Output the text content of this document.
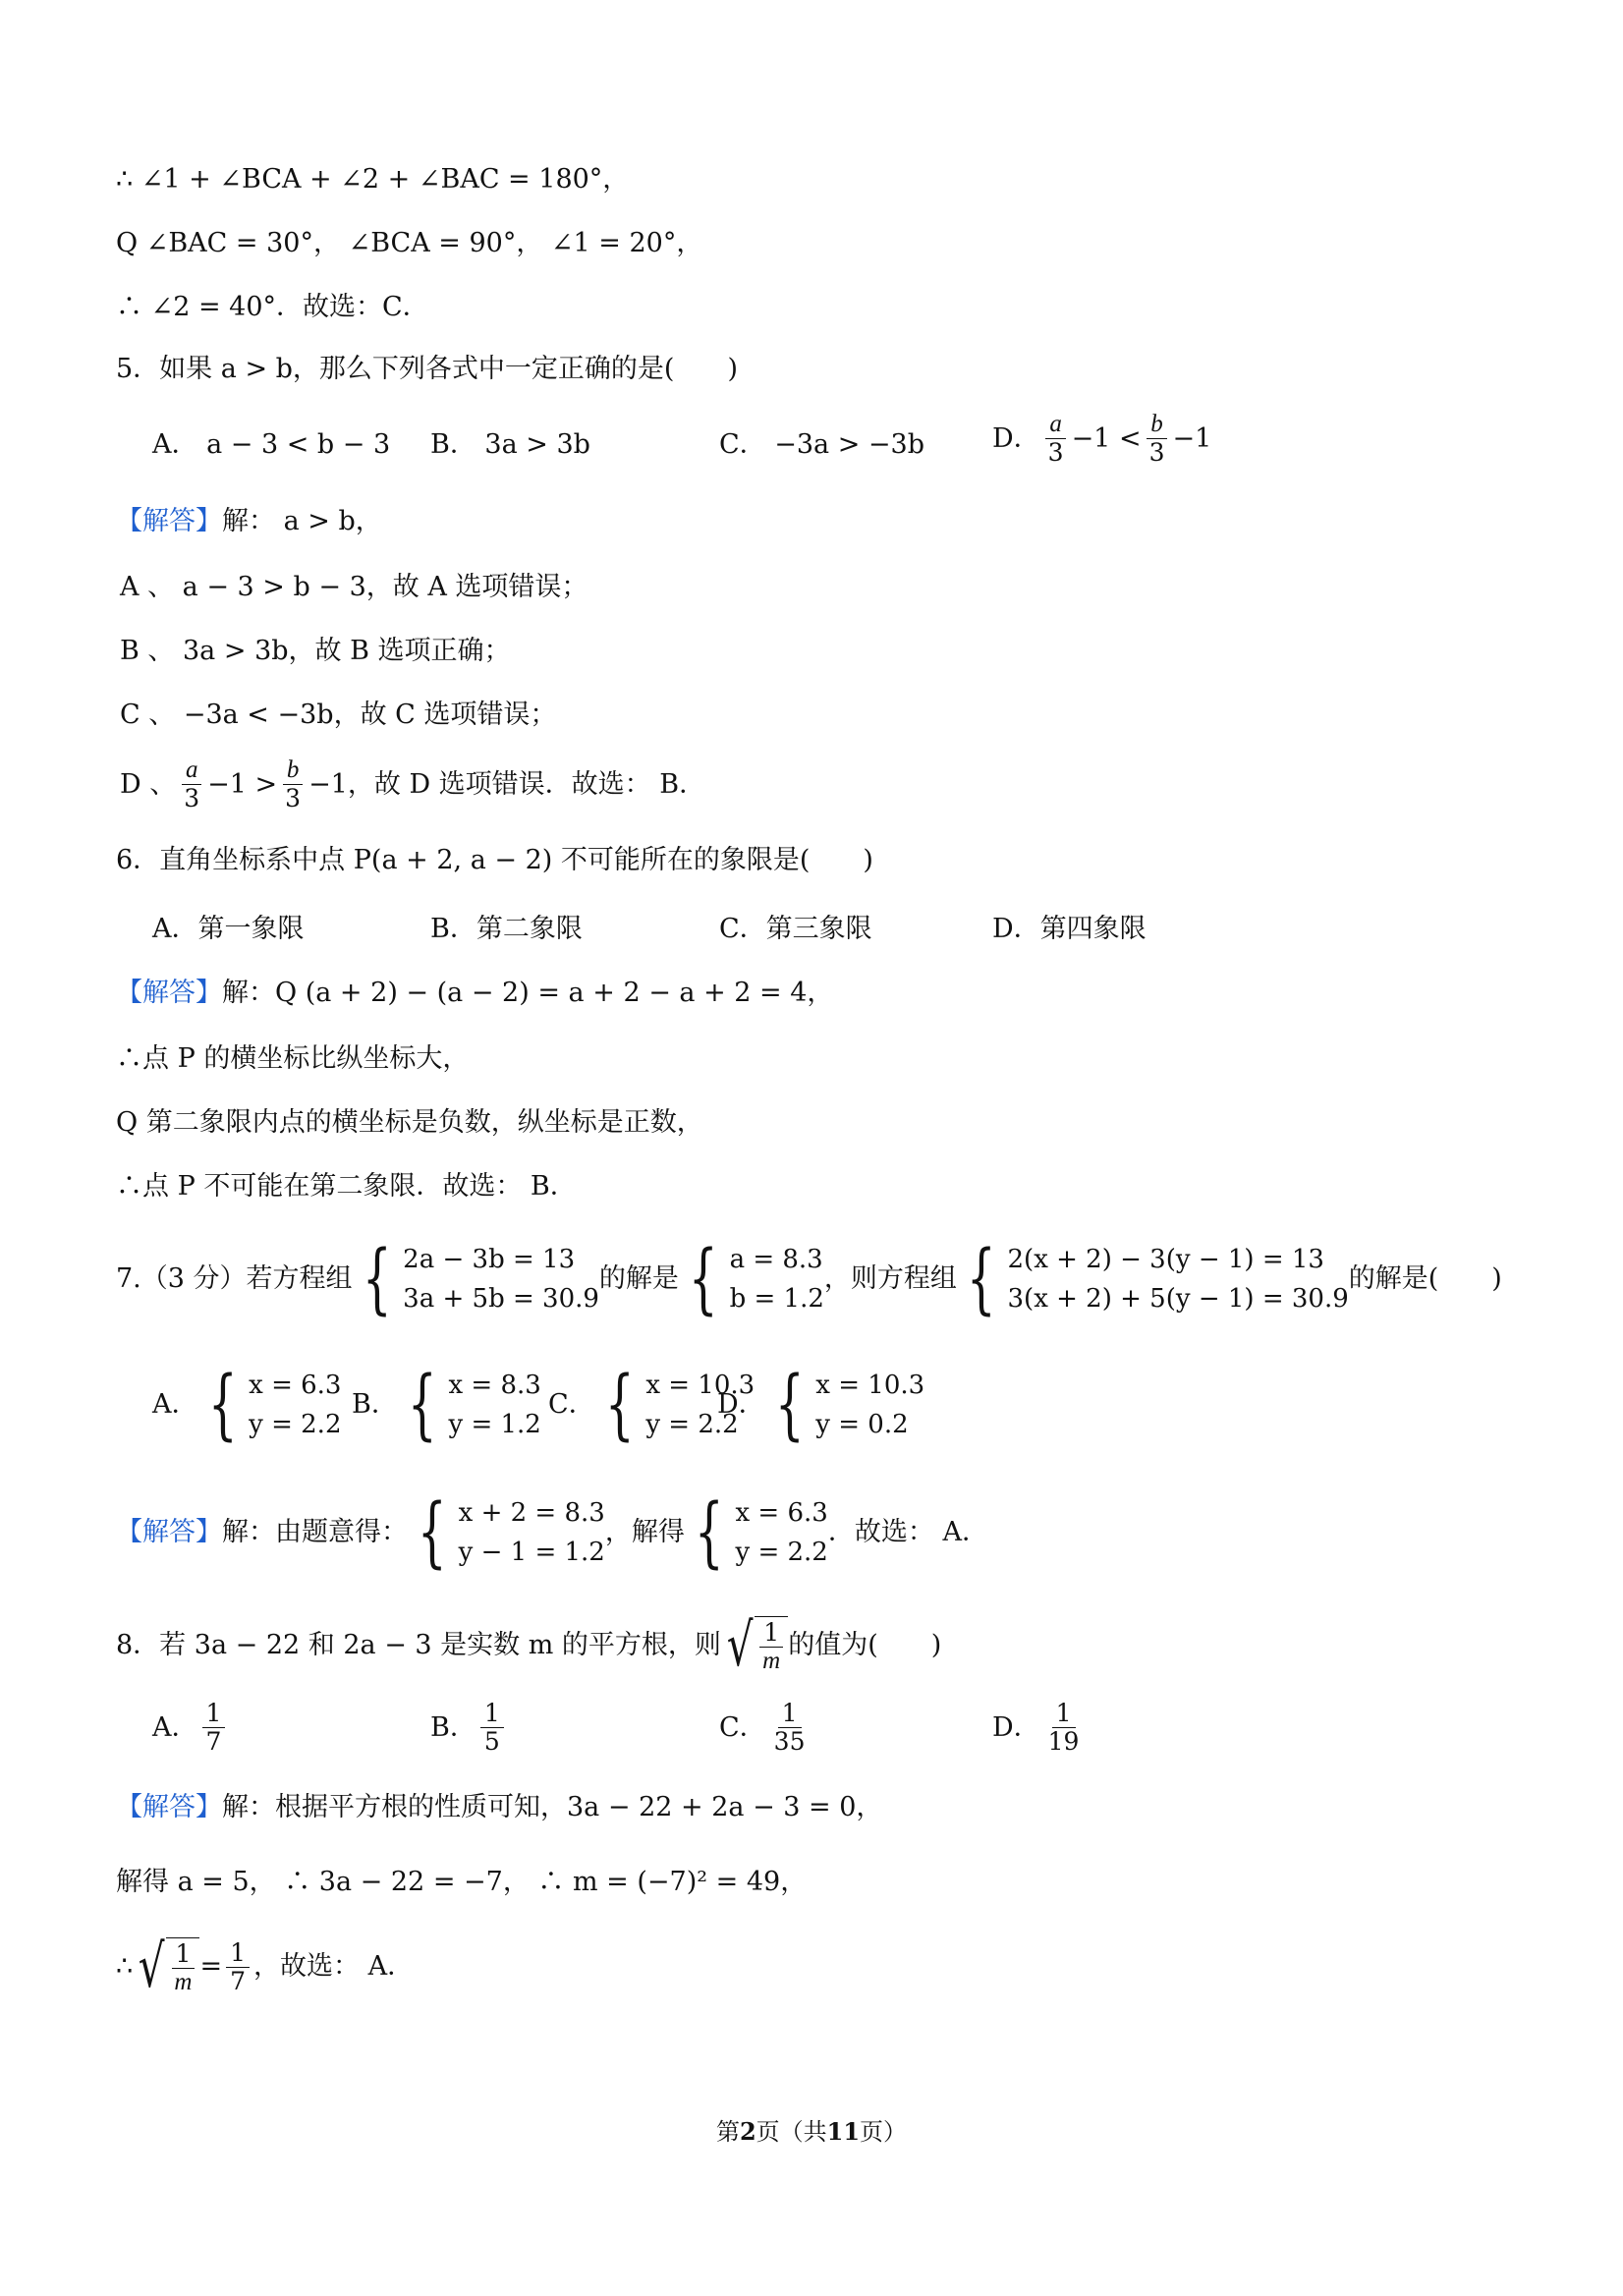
∴ ∠1 + ∠BCA + ∠2 + ∠BAC = 180°，
Q ∠BAC = 30°， ∠BCA = 90°， ∠1 = 20°，
∴ ∠2 = 40°．故选：C．
5．如果 a > b，那么下列各式中一定正确的是(　　)
A． a − 3 < b − 3 B． 3a > 3b	C． −3a > −3b	D． $\frac{a}{3} -1 < \frac{b}{3} -1$
【解答】解： a > b，
A 、 a − 3 > b − 3，故 A 选项错误；
B 、 3a > 3b，故 B 选项正确；
C 、 −3a < −3b，故 C 选项错误；
D 、 $\frac{a}{3} -1 > \frac{b}{3} -1$，故 D 选项错误．故选： B．
6．直角坐标系中点 P(a + 2, a − 2) 不可能所在的象限是(　　)
A．第一象限	B．第二象限	C．第三象限	D．第四象限
【解答】解：Q (a + 2) − (a − 2) = a + 2 − a + 2 = 4，
∴点 P 的横坐标比纵坐标大，
Q 第二象限内点的横坐标是负数，纵坐标是正数，
∴点 P 不可能在第二象限．故选： B．
7.（3 分）若方程组 { 2a − 3b = 13
3a + 5b = 30.9
的解是 { a = 8.3
b = 1.2
，则方程组 { 2(x + 2) − 3(y − 1) = 13
3(x + 2) + 5(y − 1) = 30.9
的解是(　　)
A． { x = 6.3
y = 2.2
B． { x = 8.3
y = 1.2
C． { x = 10.3
y = 2.2
D． { x = 10.3
y = 0.2
【解答】 解：由题意得： { x + 2 = 8.3
y − 1 = 1.2
，解得 { x = 6.3
y = 2.2
．故选： A．
8．若 3a − 22 和 2a − 3 是实数 m 的平方根，则 √ $\frac{1}{m}$ 的值为(　　)
A． $\frac{1}{7}$	B． $\frac{1}{5}$	C． $\frac{1}{35}$	D． $\frac{1}{19}$
【解答】解：根据平方根的性质可知，3a − 22 + 2a − 3 = 0，
解得 a = 5， ∴ 3a − 22 = −7， ∴ m = (−7)² = 49，
∴ √ $\frac{1}{m} = \frac{1}{7}$ ，故选： A．
第2页（共11页）
